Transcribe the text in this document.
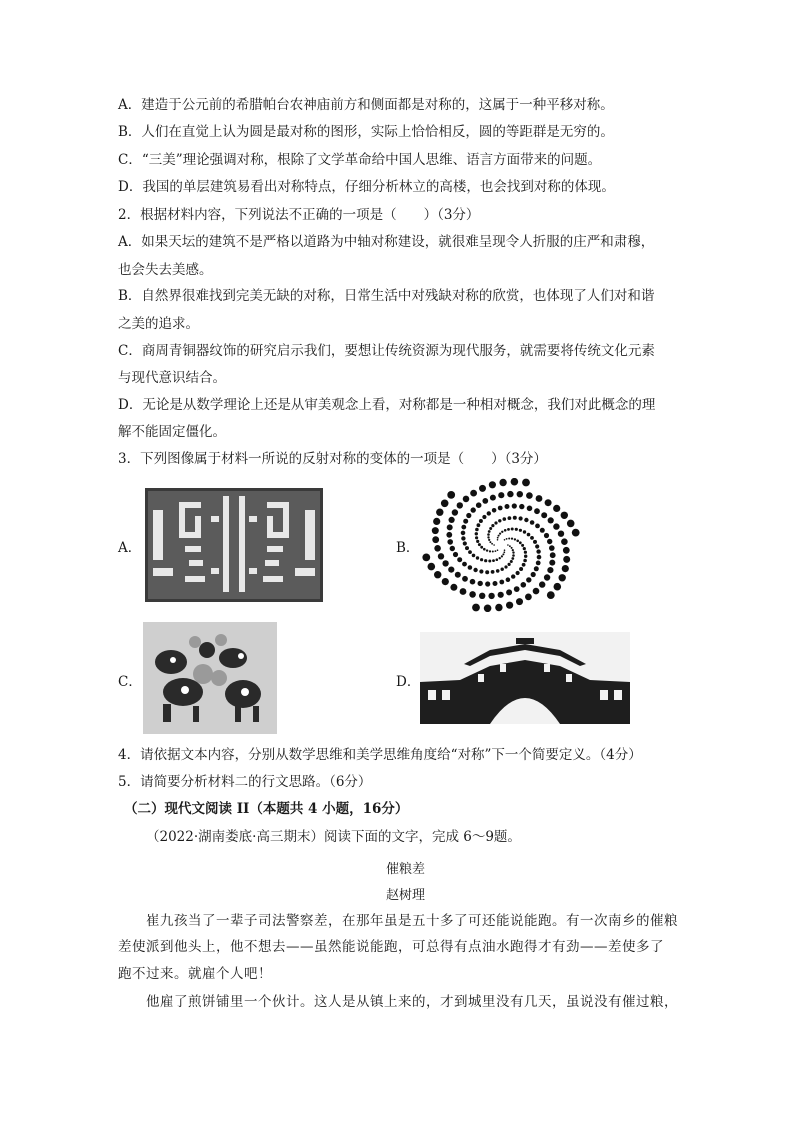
A．建造于公元前的希腊帕台农神庙前方和侧面都是对称的，这属于一种平移对称。
B．人们在直觉上认为圆是最对称的图形，实际上恰恰相反，圆的等距群是无穷的。
C．“三美”理论强调对称，根除了文学革命给中国人思维、语言方面带来的问题。
D．我国的单层建筑易看出对称特点，仔细分析林立的高楼，也会找到对称的体现。
2．根据材料内容，下列说法不正确的一项是（　　）（3分）
A．如果天坛的建筑不是严格以道路为中轴对称建设，就很难呈现令人折服的庄严和肃穆，
也会失去美感。
B．自然界很难找到完美无缺的对称，日常生活中对残缺对称的欣赏，也体现了人们对和谐
之美的追求。
C．商周青铜器纹饰的研究启示我们，要想让传统资源为现代服务，就需要将传统文化元素
与现代意识结合。
D．无论是从数学理论上还是从审美观念上看，对称都是一种相对概念，我们对此概念的理
解不能固定僵化。
3．下列图像属于材料一所说的反射对称的变体的一项是（　　）（3分）
A．	B．
C．	D．
4．请依据文本内容，分别从数学思维和美学思维角度给“对称”下一个简要定义。（4分）
5．请简要分析材料二的行文思路。（6分）
（二）现代文阅读 II（本题共 4 小题，16分）
（2022·湖南娄底·高三期末）阅读下面的文字，完成 6～9题。
催粮差
赵树理
崔九孩当了一辈子司法警察差，在那年虽是五十多了可还能说能跑。有一次南乡的催粮
差使派到他头上，他不想去——虽然能说能跑，可总得有点油水跑得才有劲——差使多了
跑不过来。就雇个人吧！
他雇了煎饼铺里一个伙计。这人是从镇上来的，才到城里没有几天，虽说没有催过粮，
